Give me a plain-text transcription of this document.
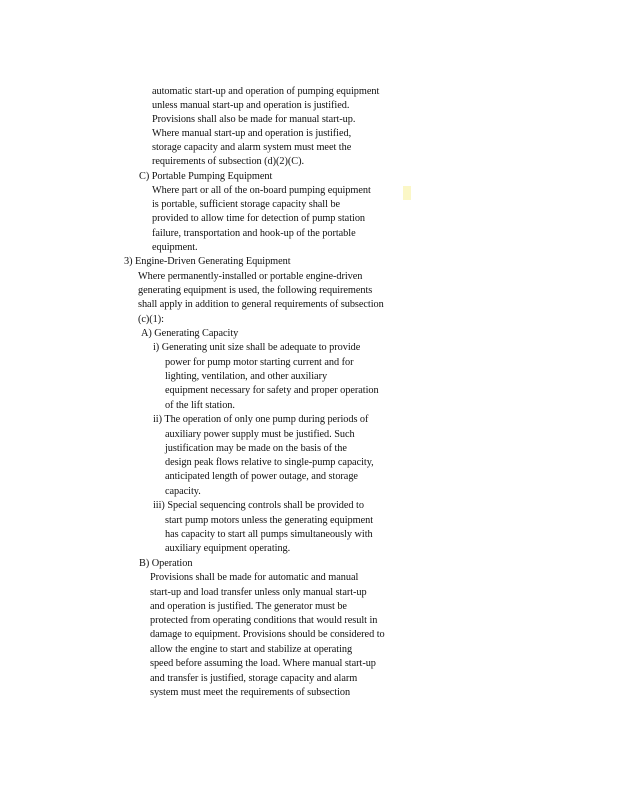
automatic start-up and operation of pumping equipment
unless manual start-up and operation is justified.
Provisions shall also be made for manual start-up.
Where manual start-up and operation is justified,
storage capacity and alarm system must meet the
requirements of subsection (d)(2)(C).
C) Portable Pumping Equipment
Where part or all of the on-board pumping equipment
is portable, sufficient storage capacity shall be
provided to allow time for detection of pump station
failure, transportation and hook-up of the portable
equipment.
3) Engine-Driven Generating Equipment
Where permanently-installed or portable engine-driven
generating equipment is used, the following requirements
shall apply in addition to general requirements of subsection
(c)(1):
A) Generating Capacity
i) Generating unit size shall be adequate to provide
power for pump motor starting current and for
lighting, ventilation, and other auxiliary
equipment necessary for safety and proper operation
of the lift station.
ii) The operation of only one pump during periods of
auxiliary power supply must be justified. Such
justification may be made on the basis of the
design peak flows relative to single-pump capacity,
anticipated length of power outage, and storage
capacity.
iii) Special sequencing controls shall be provided to
start pump motors unless the generating equipment
has capacity to start all pumps simultaneously with
auxiliary equipment operating.
B) Operation
Provisions shall be made for automatic and manual
start-up and load transfer unless only manual start-up
and operation is justified. The generator must be
protected from operating conditions that would result in
damage to equipment. Provisions should be considered to
allow the engine to start and stabilize at operating
speed before assuming the load. Where manual start-up
and transfer is justified, storage capacity and alarm
system must meet the requirements of subsection
